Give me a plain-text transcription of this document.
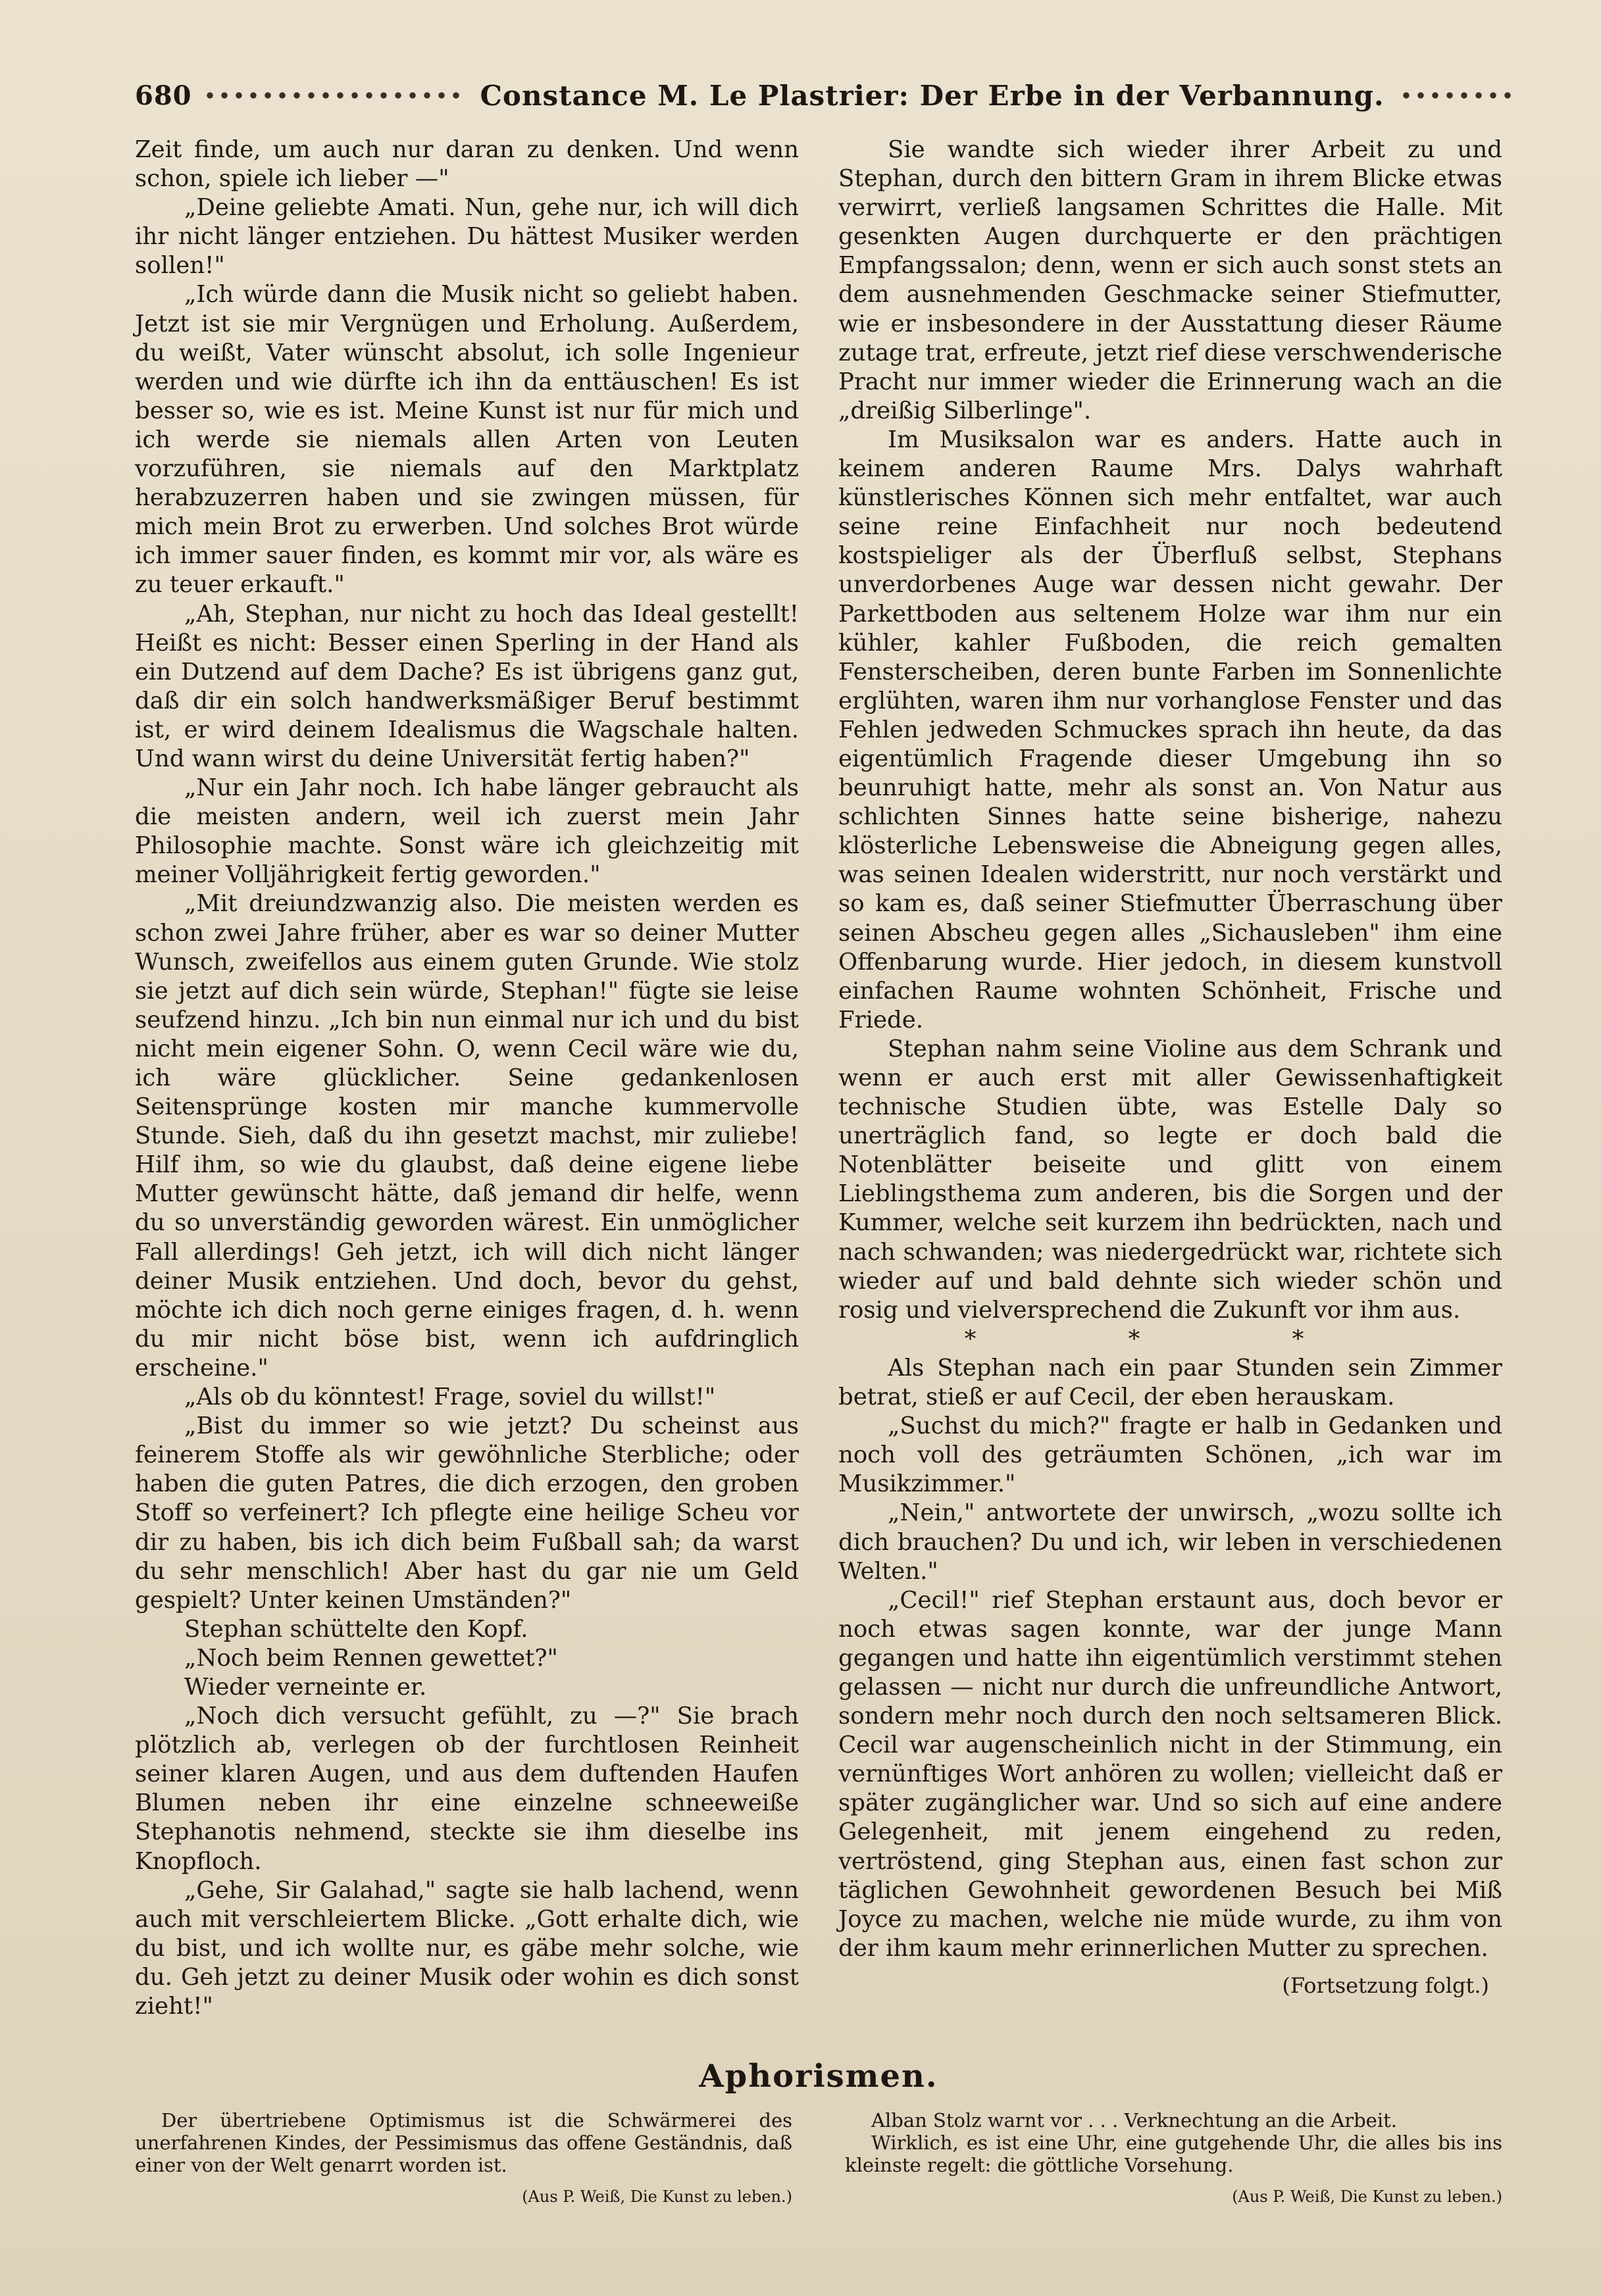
680	Constance M. Le Plastrier: Der Erbe in der Verbannung.

Zeit finde, um auch nur daran zu denken. Und wenn schon, spiele ich lieber —"

„Deine geliebte Amati. Nun, gehe nur, ich will dich ihr nicht länger entziehen. Du hättest Musiker werden sollen!"

„Ich würde dann die Musik nicht so geliebt haben. Jetzt ist sie mir Vergnügen und Erholung. Außerdem, du weißt, Vater wünscht absolut, ich solle Ingenieur werden und wie dürfte ich ihn da enttäuschen! Es ist besser so, wie es ist. Meine Kunst ist nur für mich und ich werde sie niemals allen Arten von Leuten vorzuführen, sie niemals auf den Marktplatz herabzuzerren haben und sie zwingen müssen, für mich mein Brot zu erwerben. Und solches Brot würde ich immer sauer finden, es kommt mir vor, als wäre es zu teuer erkauft."

„Ah, Stephan, nur nicht zu hoch das Ideal gestellt! Heißt es nicht: Besser einen Sperling in der Hand als ein Dutzend auf dem Dache? Es ist übrigens ganz gut, daß dir ein solch handwerksmäßiger Beruf bestimmt ist, er wird deinem Idealismus die Wagschale halten. Und wann wirst du deine Universität fertig haben?"

„Nur ein Jahr noch. Ich habe länger gebraucht als die meisten andern, weil ich zuerst mein Jahr Philosophie machte. Sonst wäre ich gleichzeitig mit meiner Volljährigkeit fertig geworden."

„Mit dreiundzwanzig also. Die meisten werden es schon zwei Jahre früher, aber es war so deiner Mutter Wunsch, zweifellos aus einem guten Grunde. Wie stolz sie jetzt auf dich sein würde, Stephan!" fügte sie leise seufzend hinzu. „Ich bin nun einmal nur ich und du bist nicht mein eigener Sohn. O, wenn Cecil wäre wie du, ich wäre glücklicher. Seine gedankenlosen Seitensprünge kosten mir manche kummervolle Stunde. Sieh, daß du ihn gesetzt machst, mir zuliebe! Hilf ihm, so wie du glaubst, daß deine eigene liebe Mutter gewünscht hätte, daß jemand dir helfe, wenn du so unverständig geworden wärest. Ein unmöglicher Fall allerdings! Geh jetzt, ich will dich nicht länger deiner Musik entziehen. Und doch, bevor du gehst, möchte ich dich noch gerne einiges fragen, d. h. wenn du mir nicht böse bist, wenn ich aufdringlich erscheine."

„Als ob du könntest! Frage, soviel du willst!"

„Bist du immer so wie jetzt? Du scheinst aus feinerem Stoffe als wir gewöhnliche Sterbliche; oder haben die guten Patres, die dich erzogen, den groben Stoff so verfeinert? Ich pflegte eine heilige Scheu vor dir zu haben, bis ich dich beim Fußball sah; da warst du sehr menschlich! Aber hast du gar nie um Geld gespielt? Unter keinen Umständen?"

Stephan schüttelte den Kopf.

„Noch beim Rennen gewettet?"

Wieder verneinte er.

„Noch dich versucht gefühlt, zu —?" Sie brach plötzlich ab, verlegen ob der furchtlosen Reinheit seiner klaren Augen, und aus dem duftenden Haufen Blumen neben ihr eine einzelne schneeweiße Stephanotis nehmend, steckte sie ihm dieselbe ins Knopfloch.

„Gehe, Sir Galahad," sagte sie halb lachend, wenn auch mit verschleiertem Blicke. „Gott erhalte dich, wie du bist, und ich wollte nur, es gäbe mehr solche, wie du. Geh jetzt zu deiner Musik oder wohin es dich sonst zieht!"

Sie wandte sich wieder ihrer Arbeit zu und Stephan, durch den bittern Gram in ihrem Blicke etwas verwirrt, verließ langsamen Schrittes die Halle. Mit gesenkten Augen durchquerte er den prächtigen Empfangssalon; denn, wenn er sich auch sonst stets an dem ausnehmenden Geschmacke seiner Stiefmutter, wie er insbesondere in der Ausstattung dieser Räume zutage trat, erfreute, jetzt rief diese verschwenderische Pracht nur immer wieder die Erinnerung wach an die „dreißig Silberlinge".

Im Musiksalon war es anders. Hatte auch in keinem anderen Raume Mrs. Dalys wahrhaft künstlerisches Können sich mehr entfaltet, war auch seine reine Einfachheit nur noch bedeutend kostspieliger als der Überfluß selbst, Stephans unverdorbenes Auge war dessen nicht gewahr. Der Parkettboden aus seltenem Holze war ihm nur ein kühler, kahler Fußboden, die reich gemalten Fensterscheiben, deren bunte Farben im Sonnenlichte erglühten, waren ihm nur vorhanglose Fenster und das Fehlen jedweden Schmuckes sprach ihn heute, da das eigentümlich Fragende dieser Umgebung ihn so beunruhigt hatte, mehr als sonst an. Von Natur aus schlichten Sinnes hatte seine bisherige, nahezu klösterliche Lebensweise die Abneigung gegen alles, was seinen Idealen widerstritt, nur noch verstärkt und so kam es, daß seiner Stiefmutter Überraschung über seinen Abscheu gegen alles „Sichausleben" ihm eine Offenbarung wurde. Hier jedoch, in diesem kunstvoll einfachen Raume wohnten Schönheit, Frische und Friede.

Stephan nahm seine Violine aus dem Schrank und wenn er auch erst mit aller Gewissenhaftigkeit technische Studien übte, was Estelle Daly so unerträglich fand, so legte er doch bald die Notenblätter beiseite und glitt von einem Lieblingsthema zum anderen, bis die Sorgen und der Kummer, welche seit kurzem ihn bedrückten, nach und nach schwanden; was niedergedrückt war, richtete sich wieder auf und bald dehnte sich wieder schön und rosig und vielversprechend die Zukunft vor ihm aus.

* * *

Als Stephan nach ein paar Stunden sein Zimmer betrat, stieß er auf Cecil, der eben herauskam.

„Suchst du mich?" fragte er halb in Gedanken und noch voll des geträumten Schönen, „ich war im Musikzimmer."

„Nein," antwortete der unwirsch, „wozu sollte ich dich brauchen? Du und ich, wir leben in verschiedenen Welten."

„Cecil!" rief Stephan erstaunt aus, doch bevor er noch etwas sagen konnte, war der junge Mann gegangen und hatte ihn eigentümlich verstimmt stehen gelassen — nicht nur durch die unfreundliche Antwort, sondern mehr noch durch den noch seltsameren Blick. Cecil war augenscheinlich nicht in der Stimmung, ein vernünftiges Wort anhören zu wollen; vielleicht daß er später zugänglicher war. Und so sich auf eine andere Gelegenheit, mit jenem eingehend zu reden, vertröstend, ging Stephan aus, einen fast schon zur täglichen Gewohnheit gewordenen Besuch bei Miß Joyce zu machen, welche nie müde wurde, zu ihm von der ihm kaum mehr erinnerlichen Mutter zu sprechen.

(Fortsetzung folgt.)
Aphorismen.

Der übertriebene Optimismus ist die Schwärmerei des unerfahrenen Kindes, der Pessimismus das offene Geständnis, daß einer von der Welt genarrt worden ist.

(Aus P. Weiß, Die Kunst zu leben.)

Alban Stolz warnt vor . . . Verknechtung an die Arbeit.

Wirklich, es ist eine Uhr, eine gutgehende Uhr, die alles bis ins kleinste regelt: die göttliche Vorsehung.

(Aus P. Weiß, Die Kunst zu leben.)
